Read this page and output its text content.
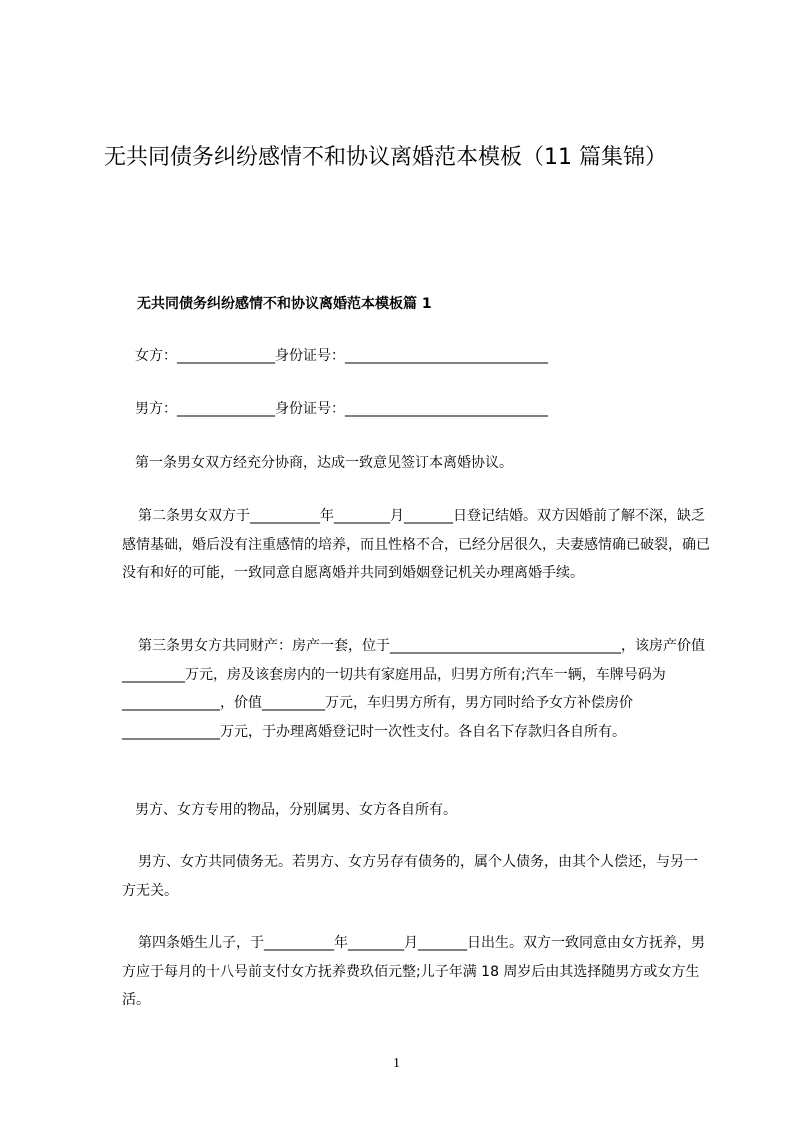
无共同债务纠纷感情不和协议离婚范本模板（11 篇集锦）
无共同债务纠纷感情不和协议离婚范本模板篇 1

女方：______________身份证号：_____________________________

男方：______________身份证号：_____________________________

第一条男女双方经充分协商，达成一致意见签订本离婚协议。

第二条男女双方于__________年________月_______日登记结婚。双方因婚前了解不深，缺乏感情基础，婚后没有注重感情的培养，而且性格不合，已经分居很久，夫妻感情确已破裂，确已没有和好的可能，一致同意自愿离婚并共同到婚姻登记机关办理离婚手续。

第三条男女方共同财产：房产一套，位于_________________________________，该房产价值_________万元，房及该套房内的一切共有家庭用品，归男方所有;汽车一辆，车牌号码为______________，价值_________万元，车归男方所有，男方同时给予女方补偿房价______________万元，于办理离婚登记时一次性支付。各自名下存款归各自所有。

男方、女方专用的物品，分别属男、女方各自所有。

男方、女方共同债务无。若男方、女方另存有债务的，属个人债务，由其个人偿还，与另一方无关。

第四条婚生儿子，于__________年________月_______日出生。双方一致同意由女方抚养，男方应于每月的十八号前支付女方抚养费玖佰元整;儿子年满 18 周岁后由其选择随男方或女方生活。

1
